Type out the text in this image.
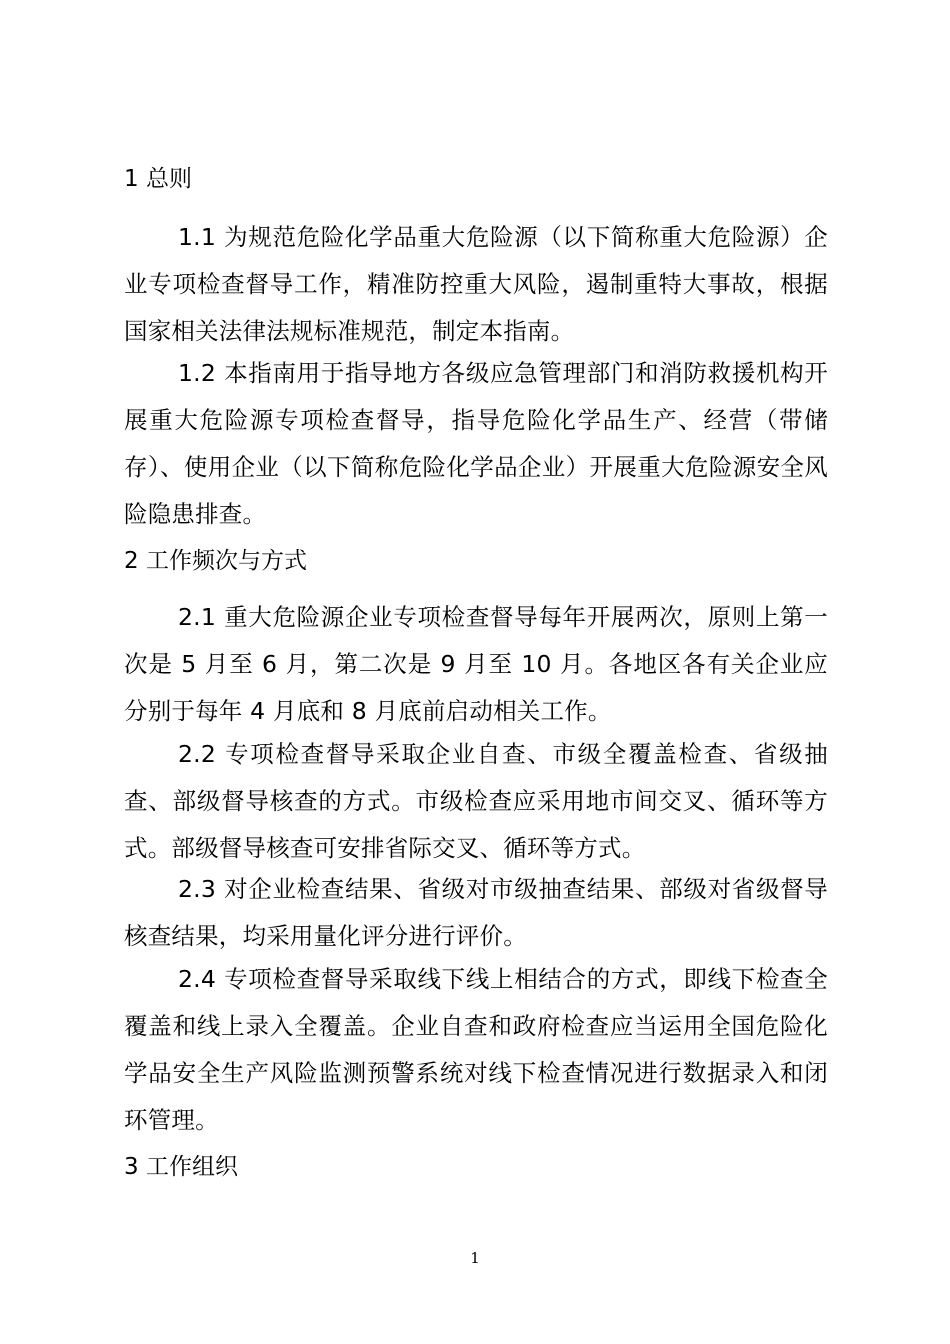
1 总则

1.1 为规范危险化学品重大危险源（以下简称重大危险源）企业专项检查督导工作，精准防控重大风险，遏制重特大事故，根据国家相关法律法规标准规范，制定本指南。

1.2 本指南用于指导地方各级应急管理部门和消防救援机构开展重大危险源专项检查督导，指导危险化学品生产、经营（带储存）、使用企业（以下简称危险化学品企业）开展重大危险源安全风险隐患排查。

2 工作频次与方式

2.1 重大危险源企业专项检查督导每年开展两次，原则上第一次是 5 月至 6 月，第二次是 9 月至 10 月。各地区各有关企业应分别于每年 4 月底和 8 月底前启动相关工作。

2.2 专项检查督导采取企业自查、市级全覆盖检查、省级抽查、部级督导核查的方式。市级检查应采用地市间交叉、循环等方式。部级督导核查可安排省际交叉、循环等方式。

2.3 对企业检查结果、省级对市级抽查结果、部级对省级督导核查结果，均采用量化评分进行评价。

2.4 专项检查督导采取线下线上相结合的方式，即线下检查全覆盖和线上录入全覆盖。企业自查和政府检查应当运用全国危险化学品安全生产风险监测预警系统对线下检查情况进行数据录入和闭环管理。

3 工作组织
1
